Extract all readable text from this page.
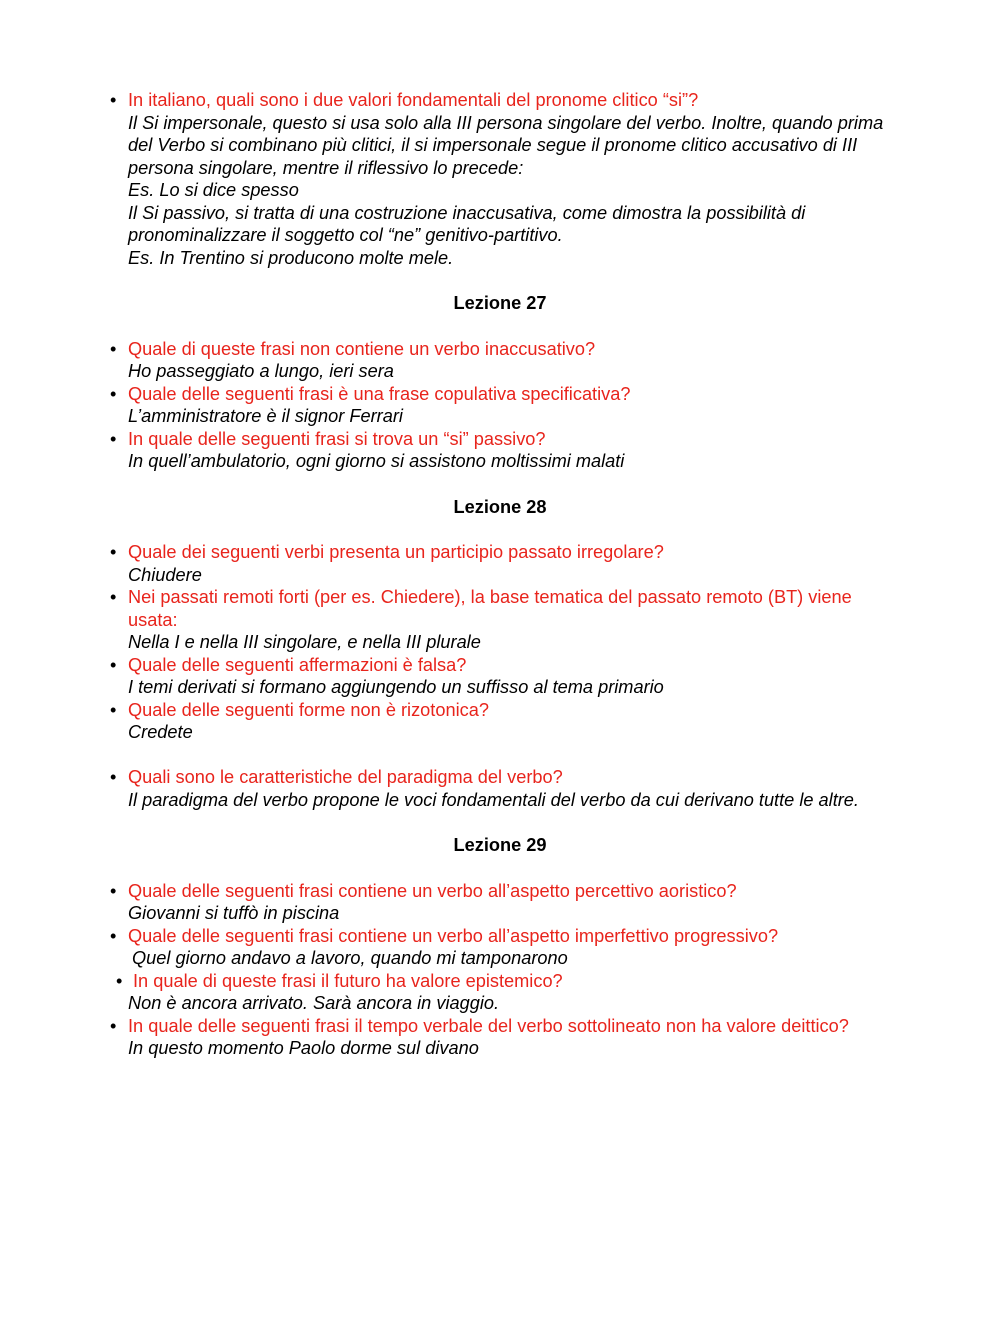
• In italiano, quali sono i due valori fondamentali del pronome clitico “si”?
Il Si impersonale, questo si usa solo alla III persona singolare del verbo. Inoltre, quando prima del Verbo si combinano più clitici, il si impersonale segue il pronome clitico accusativo di III persona singolare, mentre il riflessivo lo precede:
Es. Lo si dice spesso
Il Si passivo, si tratta di una costruzione inaccusativa, come dimostra la possibilità di pronominalizzare il soggetto col “ne” genitivo-partitivo.
Es. In Trentino si producono molte mele.
Lezione 27
• Quale di queste frasi non contiene un verbo inaccusativo?
Ho passeggiato a lungo, ieri sera
• Quale delle seguenti frasi è una frase copulativa specificativa?
L’amministratore è il signor Ferrari
• In quale delle seguenti frasi si trova un “si” passivo?
In quell’ambulatorio, ogni giorno si assistono moltissimi malati
Lezione 28
• Quale dei seguenti verbi presenta un participio passato irregolare?
Chiudere
• Nei passati remoti forti (per es. Chiedere), la base tematica del passato remoto (BT) viene usata:
Nella I e nella III singolare, e nella III plurale
• Quale delle seguenti affermazioni è falsa?
I temi derivati si formano aggiungendo un suffisso al tema primario
• Quale delle seguenti forme non è rizotonica?
Credete
• Quali sono le caratteristiche del paradigma del verbo?
Il paradigma del verbo propone le voci fondamentali del verbo da cui derivano tutte le altre.
Lezione 29
• Quale delle seguenti frasi contiene un verbo all’aspetto percettivo aoristico?
Giovanni si tuffò in piscina
• Quale delle seguenti frasi contiene un verbo all’aspetto imperfettivo progressivo?
Quel giorno andavo a lavoro, quando mi tamponarono
• In quale di queste frasi il futuro ha valore epistemico?
Non è ancora arrivato. Sarà ancora in viaggio.
• In quale delle seguenti frasi il tempo verbale del verbo sottolineato non ha valore deittico?
In questo momento Paolo dorme sul divano
